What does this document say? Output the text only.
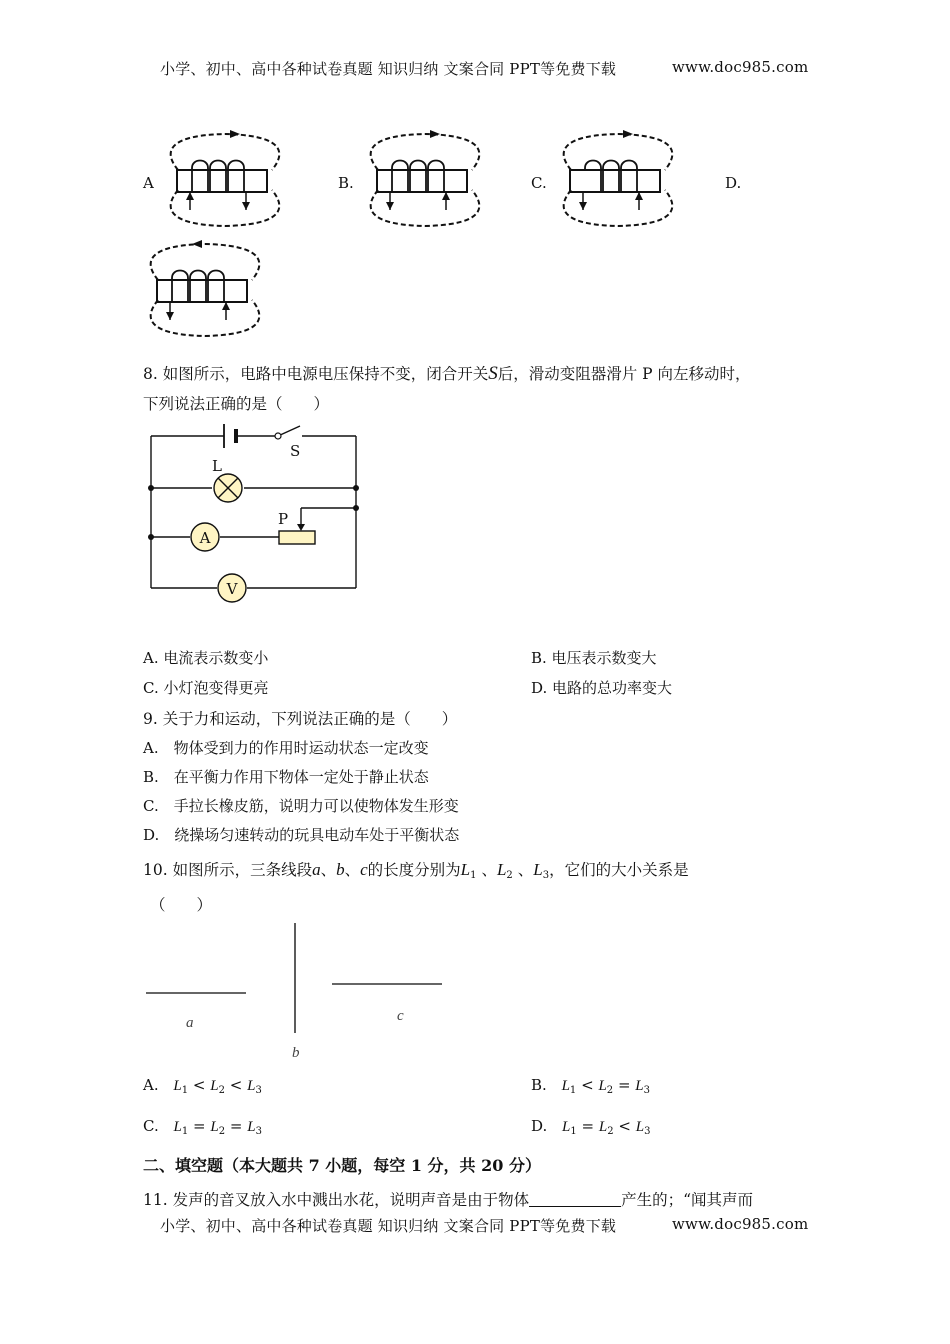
小学、初中、高中各种试卷真题 知识归纳 文案合同 PPT等免费下载	www.doc985.com
A	B.	C.	D.
8. 如图所示，电路中电源电压保持不变，闭合开关S后，滑动变阻器滑片 P 向左移动时，
下列说法正确的是（　　）
S
L
P
A
V
A. 电流表示数变小	B. 电压表示数变大
C. 小灯泡变得更亮	D. 电路的总功率变大
9. 关于力和运动，下列说法正确的是（　　）
A.　物体受到力的作用时运动状态一定改变
B.　在平衡力作用下物体一定处于静止状态
C.　手拉长橡皮筋，说明力可以使物体发生形变
D.　绕操场匀速转动的玩具电动车处于平衡状态
10. 如图所示，三条线段a、b、c的长度分别为$L_1$ 、$L_2$ 、$L_3$，它们的大小关系是
（　　）
a
b
c
A. $L_1 < L_2 < L_3$	B. $L_1 < L_2 = L_3$
C. $L_1 = L_2 = L_3$	D. $L_1 = L_2 < L_3$
二、填空题（本大题共 7 小题，每空 1 分，共 20 分）
11. 发声的音叉放入水中溅出水花，说明声音是由于物体	产生的；“闻其声而
小学、初中、高中各种试卷真题 知识归纳 文案合同 PPT等免费下载	www.doc985.com
